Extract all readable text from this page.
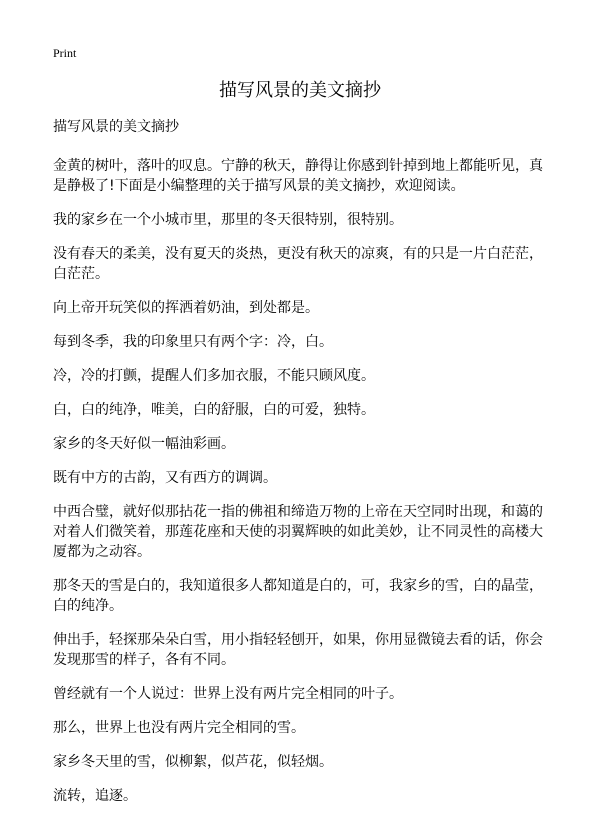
Print
描写风景的美文摘抄

描写风景的美文摘抄

金黄的树叶，落叶的叹息。宁静的秋天，静得让你感到针掉到地上都能听见，真是静极了!下面是小编整理的关于描写风景的美文摘抄，欢迎阅读。

我的家乡在一个小城市里，那里的冬天很特别，很特别。

没有春天的柔美，没有夏天的炎热，更没有秋天的凉爽，有的只是一片白茫茫，白茫茫。

向上帝开玩笑似的挥洒着奶油，到处都是。

每到冬季，我的印象里只有两个字：冷，白。

冷，冷的打颤，提醒人们多加衣服，不能只顾风度。

白，白的纯净，唯美，白的舒服，白的可爱，独特。

家乡的冬天好似一幅油彩画。

既有中方的古韵，又有西方的调调。

中西合璧，就好似那拈花一指的佛祖和缔造万物的上帝在天空同时出现，和蔼的对着人们微笑着，那莲花座和天使的羽翼辉映的如此美妙，让不同灵性的高楼大厦都为之动容。

那冬天的雪是白的，我知道很多人都知道是白的，可，我家乡的雪，白的晶莹，白的纯净。

伸出手，轻探那朵朵白雪，用小指轻轻刨开，如果，你用显微镜去看的话，你会发现那雪的样子，各有不同。

曾经就有一个人说过：世界上没有两片完全相同的叶子。

那么，世界上也没有两片完全相同的雪。

家乡冬天里的雪，似柳絮，似芦花，似轻烟。

流转，追逐。
